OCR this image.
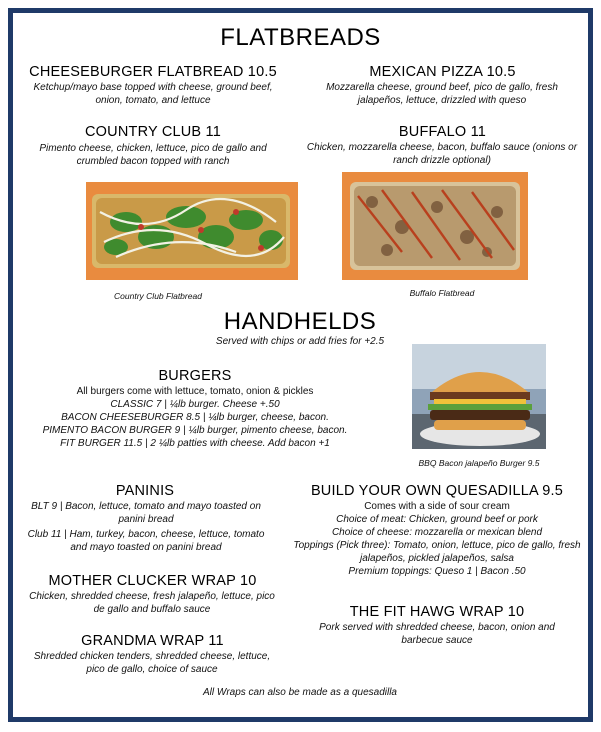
FLATBREADS
CHEESEBURGER FLATBREAD 10.5
Ketchup/mayo base topped with cheese, ground beef, onion, tomato, and lettuce
MEXICAN PIZZA 10.5
Mozzarella cheese, ground beef, pico de gallo, fresh jalapeños, lettuce, drizzled with queso
COUNTRY CLUB 11
Pimento cheese, chicken, lettuce, pico de gallo and crumbled bacon topped with ranch
BUFFALO 11
Chicken, mozzarella cheese, bacon, buffalo sauce (onions or ranch drizzle optional)
Country Club Flatbread	Buffalo Flatbread
HANDHELDS
Served with chips or add fries for +2.5
BBQ Bacon jalapeño Burger 9.5
BURGERS
All burgers come with lettuce, tomato, onion & pickles
CLASSIC 7 | ¼lb burger. Cheese +.50
BACON CHEESEBURGER 8.5 | ¼lb burger, cheese, bacon.
PIMENTO BACON BURGER 9 | ¼lb burger, pimento cheese, bacon.
FIT BURGER 11.5 | 2 ¼lb patties with cheese. Add bacon +1
PANINIS
BLT 9 | Bacon, lettuce, tomato and mayo toasted on panini bread
Club 11 | Ham, turkey, bacon, cheese, lettuce, tomato and mayo toasted on panini bread
BUILD YOUR OWN QUESADILLA 9.5
Comes with a side of sour cream
Choice of meat: Chicken, ground beef or pork
Choice of cheese: mozzarella or mexican blend
Toppings (Pick three): Tomato, onion, lettuce, pico de gallo, fresh jalapeños, pickled jalapeños, salsa
Premium toppings: Queso 1 | Bacon .50
MOTHER CLUCKER WRAP 10
Chicken, shredded cheese, fresh jalapeño, lettuce, pico de gallo and buffalo sauce	THE FIT HAWG WRAP 10
Pork served with shredded cheese, bacon, onion and barbecue sauce
GRANDMA WRAP 11
Shredded chicken tenders, shredded cheese, lettuce, pico de gallo, choice of sauce
All Wraps can also be made as a quesadilla
